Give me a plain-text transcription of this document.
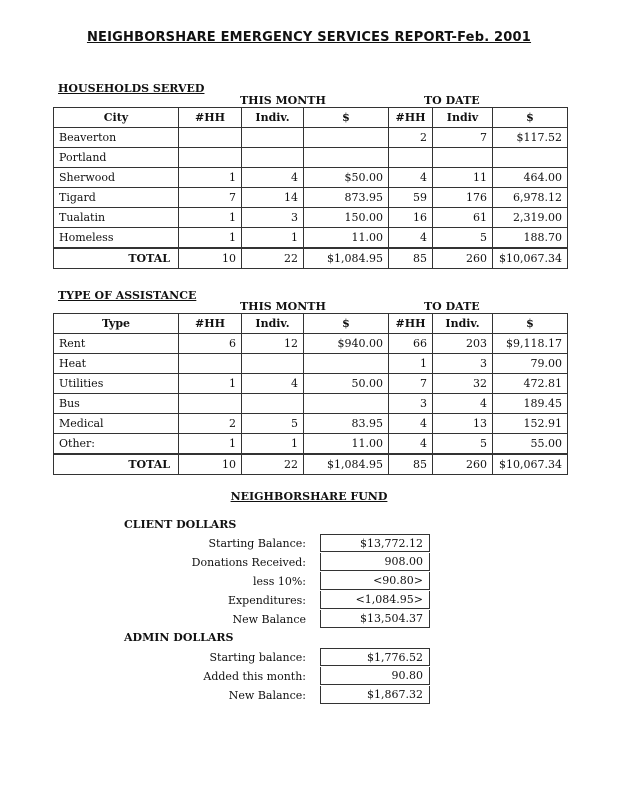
NEIGHBORSHARE EMERGENCY SERVICES REPORT-Feb. 2001
HOUSEHOLDS SERVED
THIS MONTH	TO DATE
City	#HH	Indiv.	$	#HH	Indiv	$
Beaverton				2	7	$117.52
Portland						
Sherwood	1	4	$50.00	4	11	464.00
Tigard	7	14	873.95	59	176	6,978.12
Tualatin	1	3	150.00	16	61	2,319.00
Homeless	1	1	11.00	4	5	188.70
TOTAL	10	22	$1,084.95	85	260	$10,067.34
TYPE OF ASSISTANCE
THIS MONTH	TO DATE
Type	#HH	Indiv.	$	#HH	Indiv.	$
Rent	6	12	$940.00	66	203	$9,118.17
Heat				1	3	79.00
Utilities	1	4	50.00	7	32	472.81
Bus				3	4	189.45
Medical	2	5	83.95	4	13	152.91
Other:	1	1	11.00	4	5	55.00
TOTAL	10	22	$1,084.95	85	260	$10,067.34
NEIGHBORSHARE FUND
CLIENT DOLLARS
Starting Balance:	$13,772.12
Donations Received:	908.00
less 10%:	<90.80>
Expenditures:	<1,084.95>
New Balance	$13,504.37
ADMIN DOLLARS
Starting balance:	$1,776.52
Added this month:	90.80
New Balance:	$1,867.32
